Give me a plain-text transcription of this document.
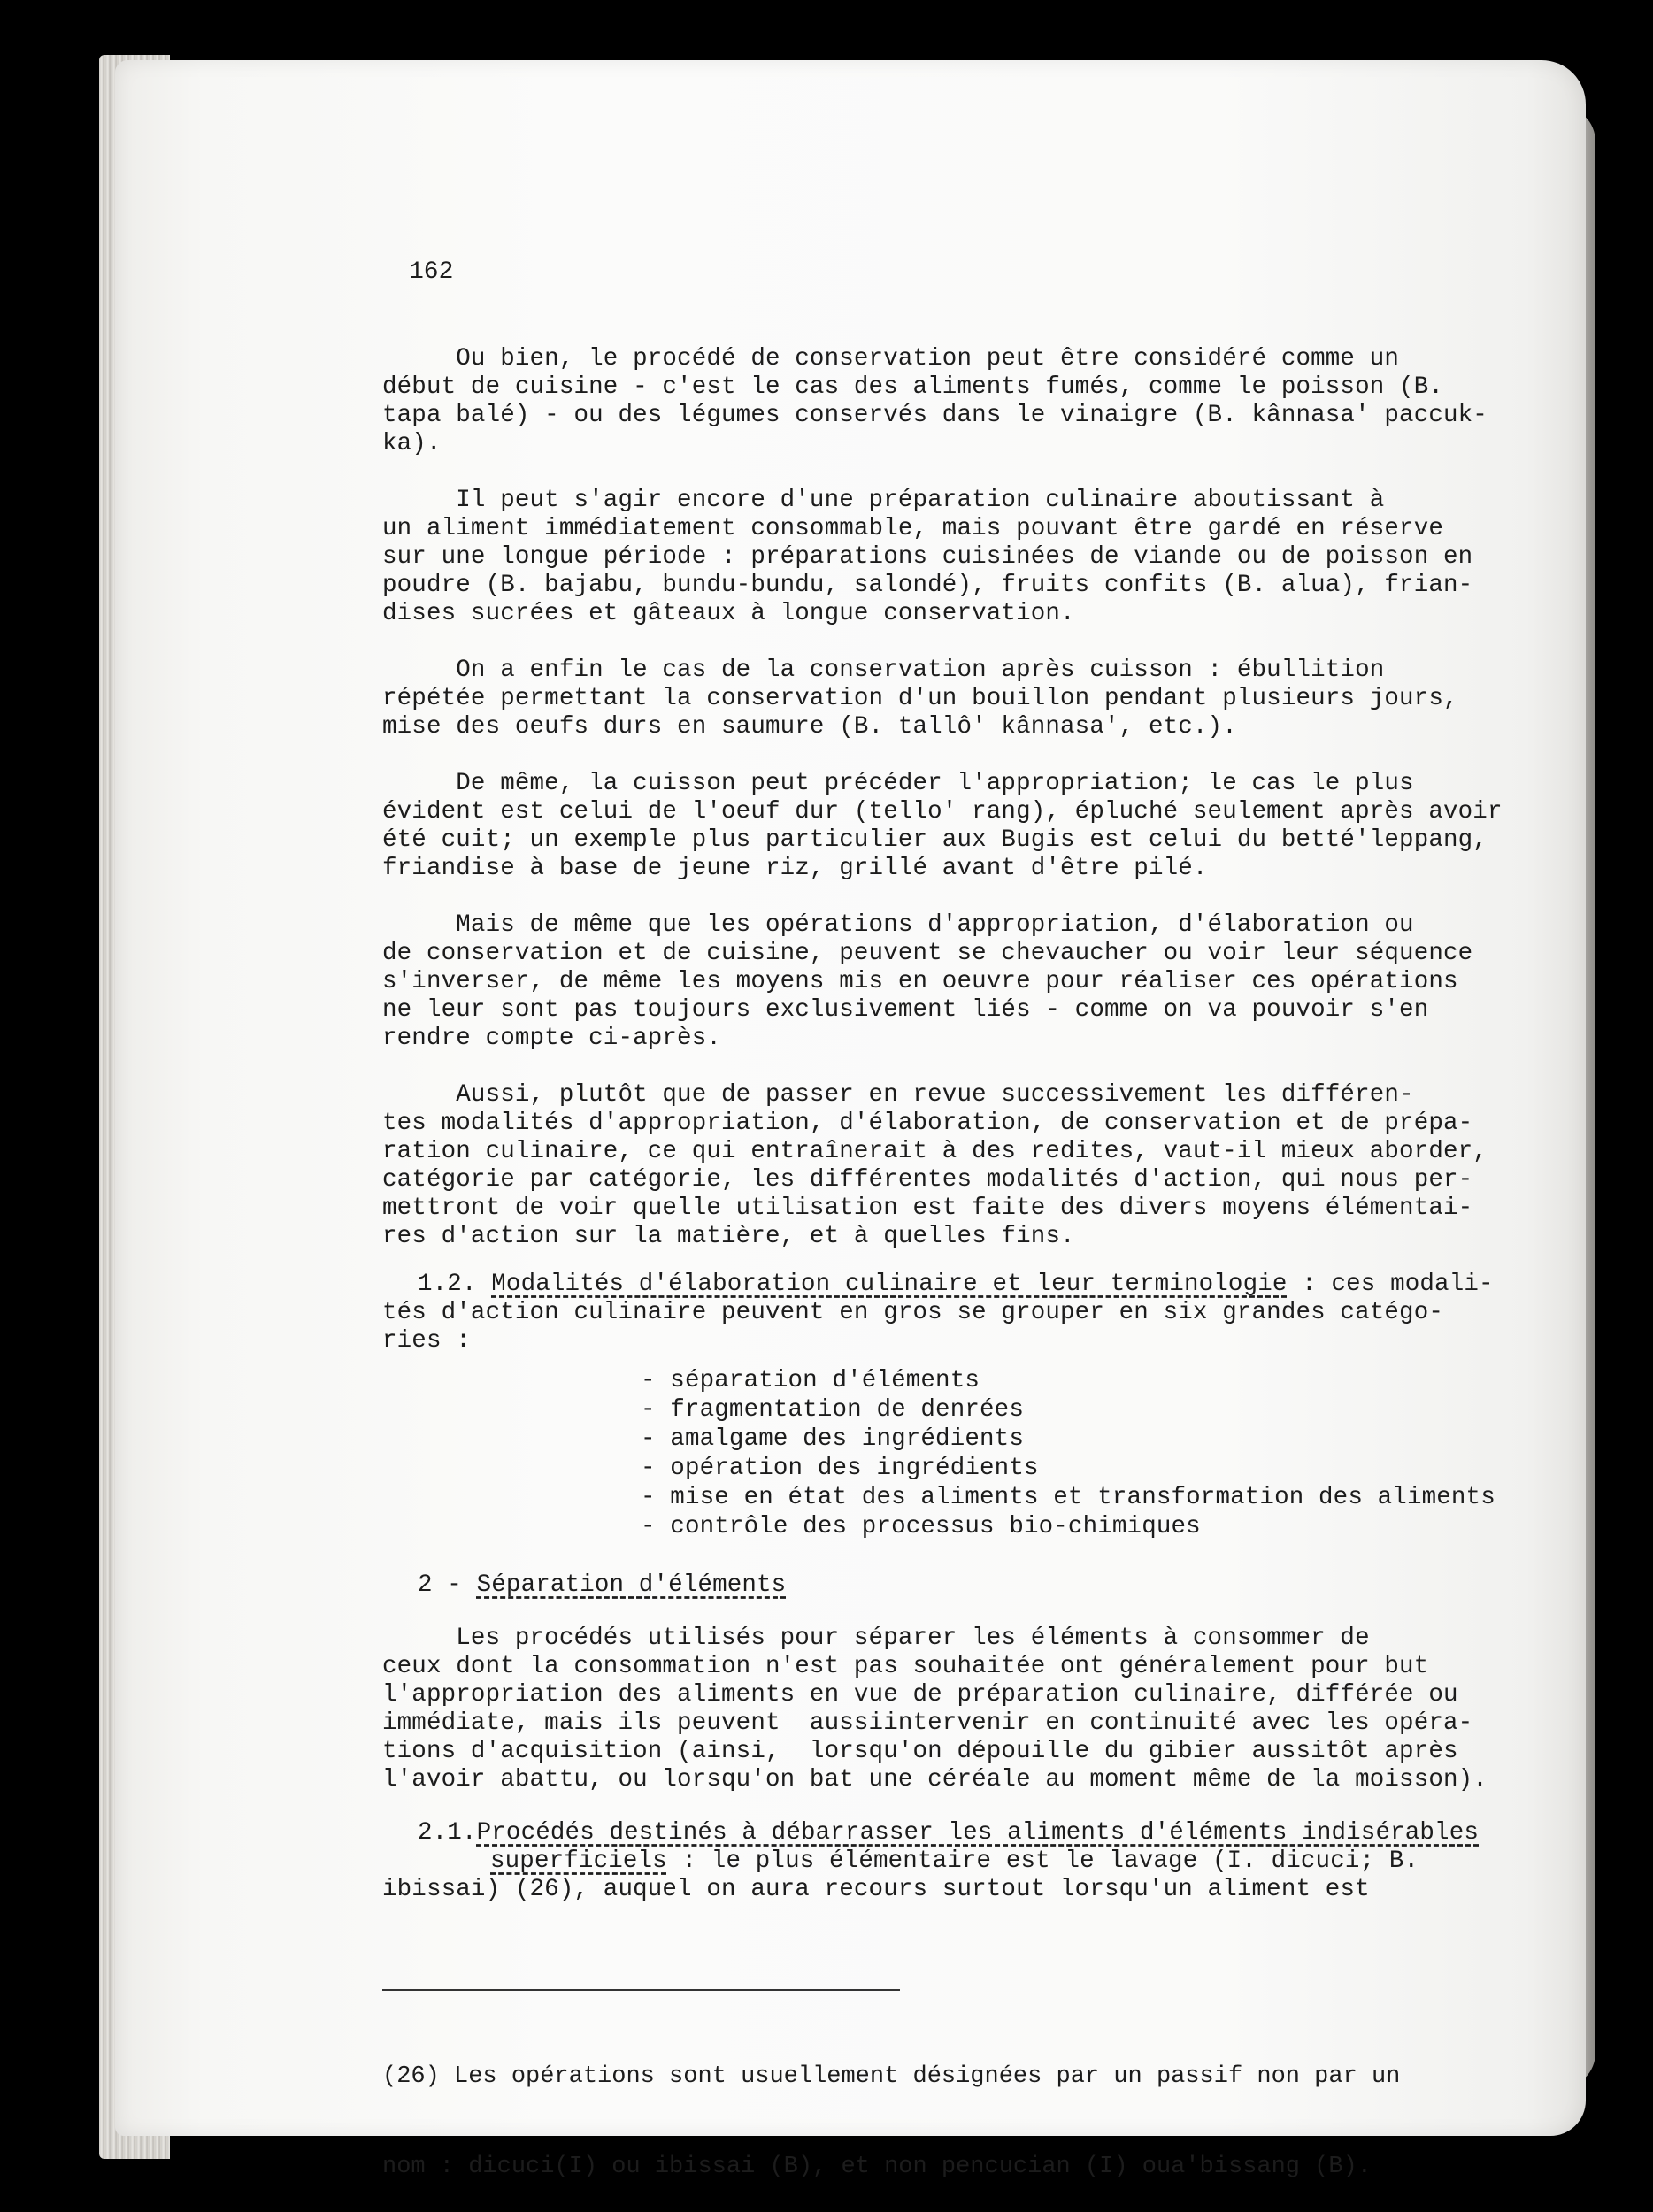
162

Ou bien, le procédé de conservation peut être considéré comme un

début de cuisine - c'est le cas des aliments fumés, comme le poisson (B.

tapa balé) - ou des légumes conservés dans le vinaigre (B. kânnasa' paccuk-

ka).

Il peut s'agir encore d'une préparation culinaire aboutissant à

un aliment immédiatement consommable, mais pouvant être gardé en réserve

sur une longue période : préparations cuisinées de viande ou de poisson en

poudre (B. bajabu, bundu-bundu, salondé), fruits confits (B. alua), frian-

dises sucrées et gâteaux à longue conservation.

On a enfin le cas de la conservation après cuisson : ébullition

répétée permettant la conservation d'un bouillon pendant plusieurs jours,

mise des oeufs durs en saumure (B. tallô' kânnasa', etc.).

De même, la cuisson peut précéder l'appropriation; le cas le plus

évident est celui de l'oeuf dur (tello' rang), épluché seulement après avoir

été cuit; un exemple plus particulier aux Bugis est celui du betté'leppang,

friandise à base de jeune riz, grillé avant d'être pilé.

Mais de même que les opérations d'appropriation, d'élaboration ou

de conservation et de cuisine, peuvent se chevaucher ou voir leur séquence

s'inverser, de même les moyens mis en oeuvre pour réaliser ces opérations

ne leur sont pas toujours exclusivement liés - comme on va pouvoir s'en

rendre compte ci-après.

Aussi, plutôt que de passer en revue successivement les différen-

tes modalités d'appropriation, d'élaboration, de conservation et de prépa-

ration culinaire, ce qui entraînerait à des redites, vaut-il mieux aborder,

catégorie par catégorie, les différentes modalités d'action, qui nous per-

mettront de voir quelle utilisation est faite des divers moyens élémentai-

res d'action sur la matière, et à quelles fins.

1.2. Modalités d'élaboration culinaire et leur terminologie : ces modali-

tés d'action culinaire peuvent en gros se grouper en six grandes catégo-

ries :

- séparation d'éléments

- fragmentation de denrées

- amalgame des ingrédients

- opération des ingrédients

- mise en état des aliments et transformation des aliments

- contrôle des processus bio-chimiques

2 - Séparation d'éléments

Les procédés utilisés pour séparer les éléments à consommer de

ceux dont la consommation n'est pas souhaitée ont généralement pour but

l'appropriation des aliments en vue de préparation culinaire, différée ou

immédiate, mais ils peuvent  aussiintervenir en continuité avec les opéra-

tions d'acquisition (ainsi,  lorsqu'on dépouille du gibier aussitôt après

l'avoir abattu, ou lorsqu'on bat une céréale au moment même de la moisson).

2.1.Procédés destinés à débarrasser les aliments d'éléments indisérables

superficiels : le plus élémentaire est le lavage (I. dicuci; B.

ibissai) (26), auquel on aura recours surtout lorsqu'un aliment est

(26) Les opérations sont usuellement désignées par un passif non par un

nom : dicuci(I) ou ibissai (B), et non pencucian (I) oua'bissang (B).
